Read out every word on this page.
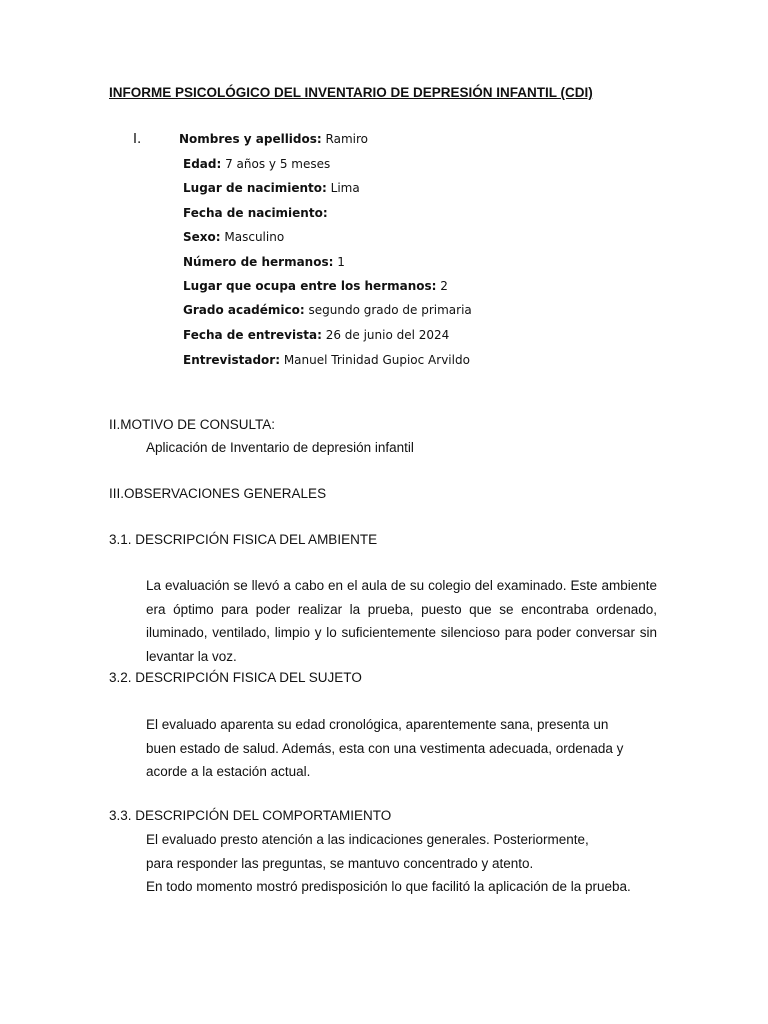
INFORME PSICOLÓGICO DEL INVENTARIO DE DEPRESIÓN INFANTIL (CDI)
I.	Nombres y apellidos: Ramiro
Edad: 7 años y 5 meses
Lugar de nacimiento: Lima
Fecha de nacimiento:
Sexo: Masculino
Número de hermanos: 1
Lugar que ocupa entre los hermanos: 2
Grado académico: segundo grado de primaria
Fecha de entrevista: 26 de junio del 2024
Entrevistador: Manuel Trinidad Gupioc Arvildo
II.MOTIVO DE CONSULTA:
Aplicación de Inventario de depresión infantil
III.OBSERVACIONES GENERALES
3.1. DESCRIPCIÓN FISICA DEL AMBIENTE
La evaluación se llevó a cabo en el aula de su colegio del examinado. Este ambiente era óptimo para poder realizar la prueba, puesto que se encontraba ordenado, iluminado, ventilado, limpio y lo suficientemente silencioso para poder conversar sin levantar la voz.
3.2. DESCRIPCIÓN FISICA DEL SUJETO
El evaluado aparenta su edad cronológica, aparentemente sana, presenta un
buen estado de salud. Además, esta con una vestimenta adecuada, ordenada y
acorde a la estación actual.
3.3. DESCRIPCIÓN DEL COMPORTAMIENTO
El evaluado presto atención a las indicaciones generales. Posteriormente,
para responder las preguntas, se mantuvo concentrado y atento.
En todo momento mostró predisposición lo que facilitó la aplicación de la prueba.
